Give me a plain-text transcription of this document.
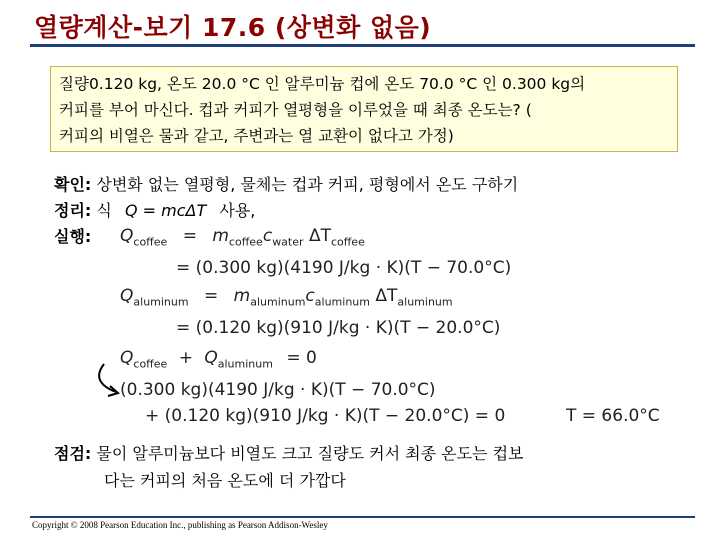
열량계산-보기 17.6 (상변화 없음)
질량0.120 kg, 온도 20.0 °C 인 알루미늄 컵에 온도 70.0 °C 인 0.300 kg의
커피를 부어 마신다. 컵과 커피가 열평형을 이루었을 때 최종 온도는? (
커피의 비열은 물과 같고, 주변과는 열 교환이 없다고 가정)
확인: 상변화 없는 열평형, 물체는 컵과 커피, 평형에서 온도 구하기
정리: 식 Q = mcΔT 사용,
실행:	$Q_{coffee} = m_{coffee}c_{water}$ $\Delta T_{coffee}$
= (0.300 kg)(4190 J/kg · K)(T − 70.0°C)
$Q_{aluminum} = m_{aluminum}c_{aluminum}$ $\Delta T_{aluminum}$
= (0.120 kg)(910 J/kg · K)(T − 20.0°C)
$Q_{coffee} + Q_{aluminum} = 0$
(0.300 kg)(4190 J/kg · K)(T − 70.0°C)
+ (0.120 kg)(910 J/kg · K)(T − 20.0°C) = 0	T = 66.0°C
점검: 물이 알루미늄보다 비열도 크고 질량도 커서 최종 온도는 컵보
다는 커피의 처음 온도에 더 가깝다
Copyright © 2008 Pearson Education Inc., publishing as Pearson Addison-Wesley
